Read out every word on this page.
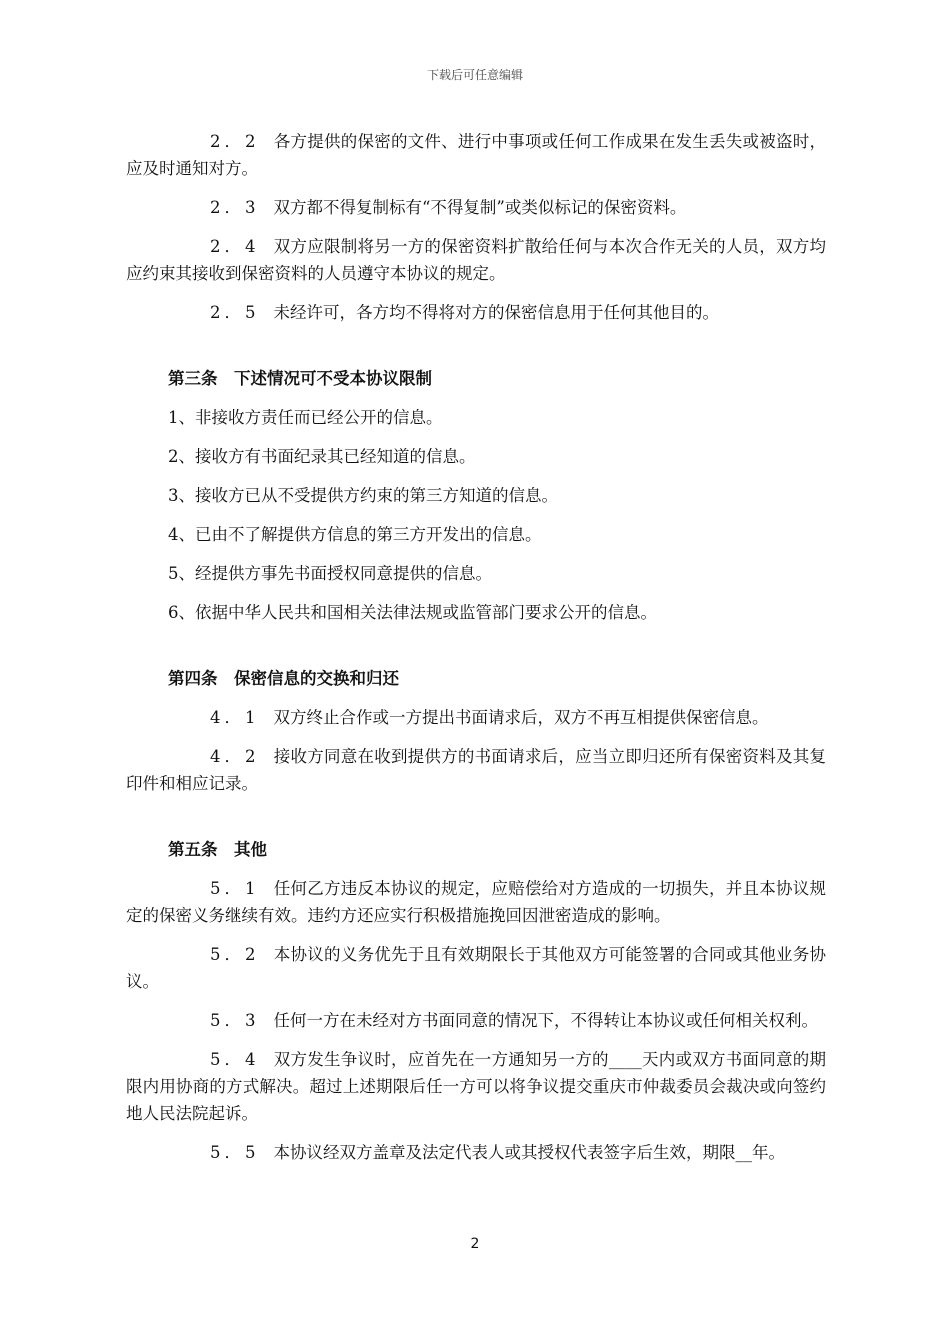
下载后可任意编辑

2．2 各方提供的保密的文件、进行中事项或任何工作成果在发生丢失或被盗时，应及时通知对方。

2．3 双方都不得复制标有“不得复制”或类似标记的保密资料。

2．4 双方应限制将另一方的保密资料扩散给任何与本次合作无关的人员，双方均应约束其接收到保密资料的人员遵守本协议的规定。

2．5 未经许可，各方均不得将对方的保密信息用于任何其他目的。

第三条　下述情况可不受本协议限制

1、非接收方责任而已经公开的信息。

2、接收方有书面纪录其已经知道的信息。

3、接收方已从不受提供方约束的第三方知道的信息。

4、已由不了解提供方信息的第三方开发出的信息。

5、经提供方事先书面授权同意提供的信息。

6、依据中华人民共和国相关法律法规或监管部门要求公开的信息。

第四条　保密信息的交换和归还

4．1 双方终止合作或一方提出书面请求后，双方不再互相提供保密信息。

4．2 接收方同意在收到提供方的书面请求后，应当立即归还所有保密资料及其复印件和相应记录。

第五条　其他

5．1 任何乙方违反本协议的规定，应赔偿给对方造成的一切损失，并且本协议规定的保密义务继续有效。违约方还应实行积极措施挽回因泄密造成的影响。

5．2 本协议的义务优先于且有效期限长于其他双方可能签署的合同或其他业务协议。

5．3 任何一方在未经对方书面同意的情况下，不得转让本协议或任何相关权利。

5．4 双方发生争议时，应首先在一方通知另一方的____天内或双方书面同意的期限内用协商的方式解决。超过上述期限后任一方可以将争议提交重庆市仲裁委员会裁决或向签约地人民法院起诉。

5．5 本协议经双方盖章及法定代表人或其授权代表签字后生效，期限__年。

2
